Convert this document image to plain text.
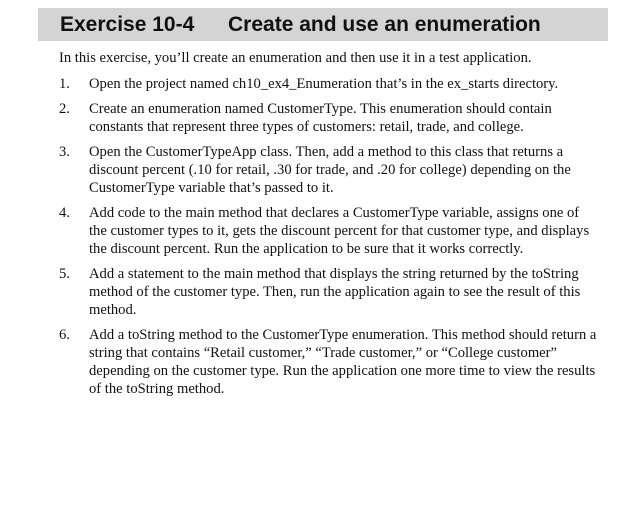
Exercise 10-4	Create and use an enumeration

In this exercise, you’ll create an enumeration and then use it in a test application.

1.	Open the project named ch10_ex4_Enumeration that’s in the ex_starts directory.
2.	Create an enumeration named CustomerType. This enumeration should contain constants that represent three types of customers: retail, trade, and college.
3.	Open the CustomerTypeApp class. Then, add a method to this class that returns a discount percent (.10 for retail, .30 for trade, and .20 for college) depending on the CustomerType variable that’s passed to it.
4.	Add code to the main method that declares a CustomerType variable, assigns one of the customer types to it, gets the discount percent for that customer type, and displays the discount percent. Run the application to be sure that it works correctly.
5.	Add a statement to the main method that displays the string returned by the toString method of the customer type. Then, run the application again to see the result of this method.
6.	Add a toString method to the CustomerType enumeration. This method should return a string that contains “Retail customer,” “Trade customer,” or “College customer” depending on the customer type. Run the application one more time to view the results of the toString method.
